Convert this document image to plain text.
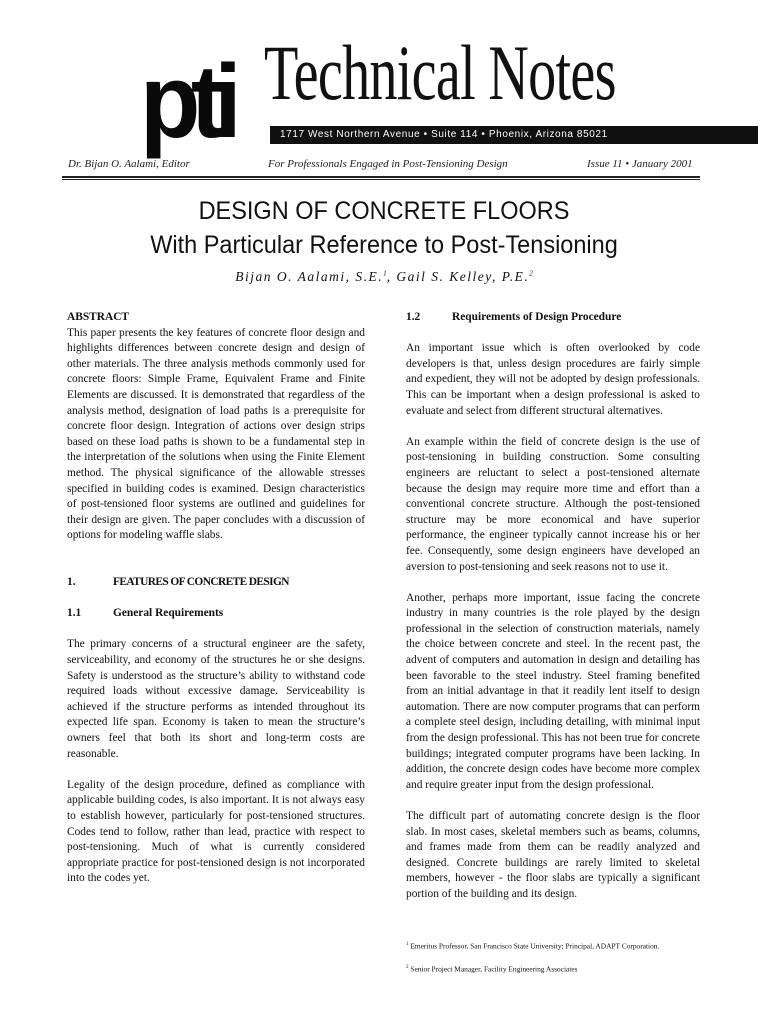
pti Technical Notes
1717 West Northern Avenue • Suite 114 • Phoenix, Arizona 85021
Dr. Bijan O. Aalami, Editor	For Professionals Engaged in Post-Tensioning Design	Issue 11 • January 2001
DESIGN OF CONCRETE FLOORS
With Particular Reference to Post-Tensioning
Bijan O. Aalami, S.E.$^1$, Gail S. Kelley, P.E.$^2$
ABSTRACT

This paper presents the key features of concrete floor design and highlights differences between concrete design and design of other materials. The three analysis methods commonly used for concrete floors: Simple Frame, Equivalent Frame and Finite Elements are discussed. It is demonstrated that regardless of the analysis method, designation of load paths is a prerequisite for concrete floor design. Integration of actions over design strips based on these load paths is shown to be a fundamental step in the interpretation of the solutions when using the Finite Element method. The physical significance of the allowable stresses specified in building codes is examined. Design characteristics of post-tensioned floor systems are outlined and guidelines for their design are given. The paper concludes with a discussion of options for modeling waffle slabs.

1.	FEATURES OF CONCRETE DESIGN
1.1	General Requirements

The primary concerns of a structural engineer are the safety, serviceability, and economy of the structures he or she designs. Safety is understood as the structure’s ability to withstand code required loads without excessive damage. Serviceability is achieved if the structure performs as intended throughout its expected life span. Economy is taken to mean the structure’s owners feel that both its short and long-term costs are reasonable.

Legality of the design procedure, defined as compliance with applicable building codes, is also important. It is not always easy to establish however, particularly for post-tensioned structures. Codes tend to follow, rather than lead, practice with respect to post-tensioning. Much of what is currently considered appropriate practice for post-tensioned design is not incorporated into the codes yet.

1.2	Requirements of Design Procedure

An important issue which is often overlooked by code developers is that, unless design procedures are fairly simple and expedient, they will not be adopted by design professionals. This can be important when a design professional is asked to evaluate and select from different structural alternatives.

An example within the field of concrete design is the use of post-tensioning in building construction. Some consulting engineers are reluctant to select a post-tensioned alternate because the design may require more time and effort than a conventional concrete structure. Although the post-tensioned structure may be more economical and have superior performance, the engineer typically cannot increase his or her fee. Consequently, some design engineers have developed an aversion to post-tensioning and seek reasons not to use it.

Another, perhaps more important, issue facing the concrete industry in many countries is the role played by the design professional in the selection of construction materials, namely the choice between concrete and steel. In the recent past, the advent of computers and automation in design and detailing has been favorable to the steel industry. Steel framing benefited from an initial advantage in that it readily lent itself to design automation. There are now computer programs that can perform a complete steel design, including detailing, with minimal input from the design professional. This has not been true for concrete buildings; integrated computer programs have been lacking. In addition, the concrete design codes have become more complex and require greater input from the design professional.

The difficult part of automating concrete design is the floor slab. In most cases, skeletal members such as beams, columns, and frames made from them can be readily analyzed and designed. Concrete buildings are rarely limited to skeletal members, however - the floor slabs are typically a significant portion of the building and its design.

$^1$ Emeritus Professor, San Francisco State University; Principal, ADAPT Corporation.
$^2$ Senior Project Manager, Facility Engineering Associates
